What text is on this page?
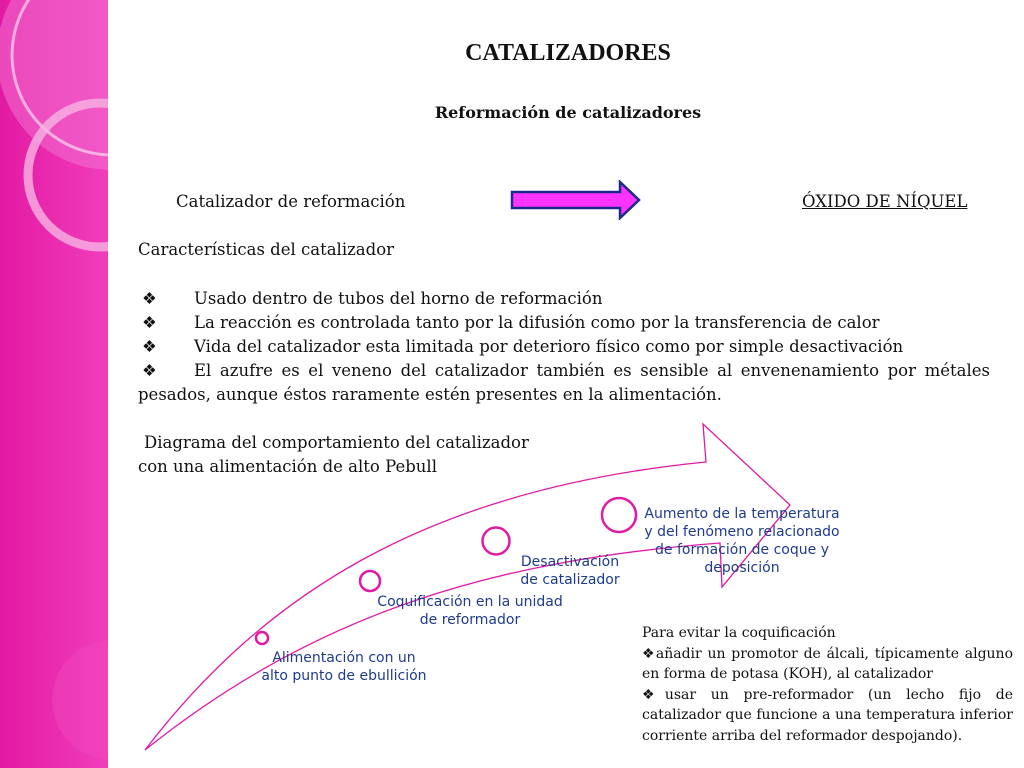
CATALIZADORES
Reformación de catalizadores
Catalizador de reformación	ÓXIDO DE NÍQUEL
Características del catalizador
❖	Usado dentro de tubos del horno de reformación
❖	La reacción es controlada tanto por la difusión como por la transferencia de calor
❖	Vida del catalizador esta limitada por deterioro físico como por simple desactivación
❖ El azufre es el veneno del catalizador también es sensible al envenenamiento por métales pesados, aunque éstos raramente estén presentes en la alimentación.
Diagrama del comportamiento del catalizador
con una alimentación de alto Pebull
Alimentación con un
alto punto de ebullición
Coquificación en la unidad
de reformador
Desactivación
de catalizador
Aumento de la temperatura
y del fenómeno relacionado
de formación de coque y
deposición

Para evitar la coquificación

❖añadir un promotor de álcali, típicamente alguno en forma de potasa (KOH), al catalizador

❖usar un pre-reformador (un lecho fijo de catalizador que funcione a una temperatura inferior corriente arriba del reformador despojando).
